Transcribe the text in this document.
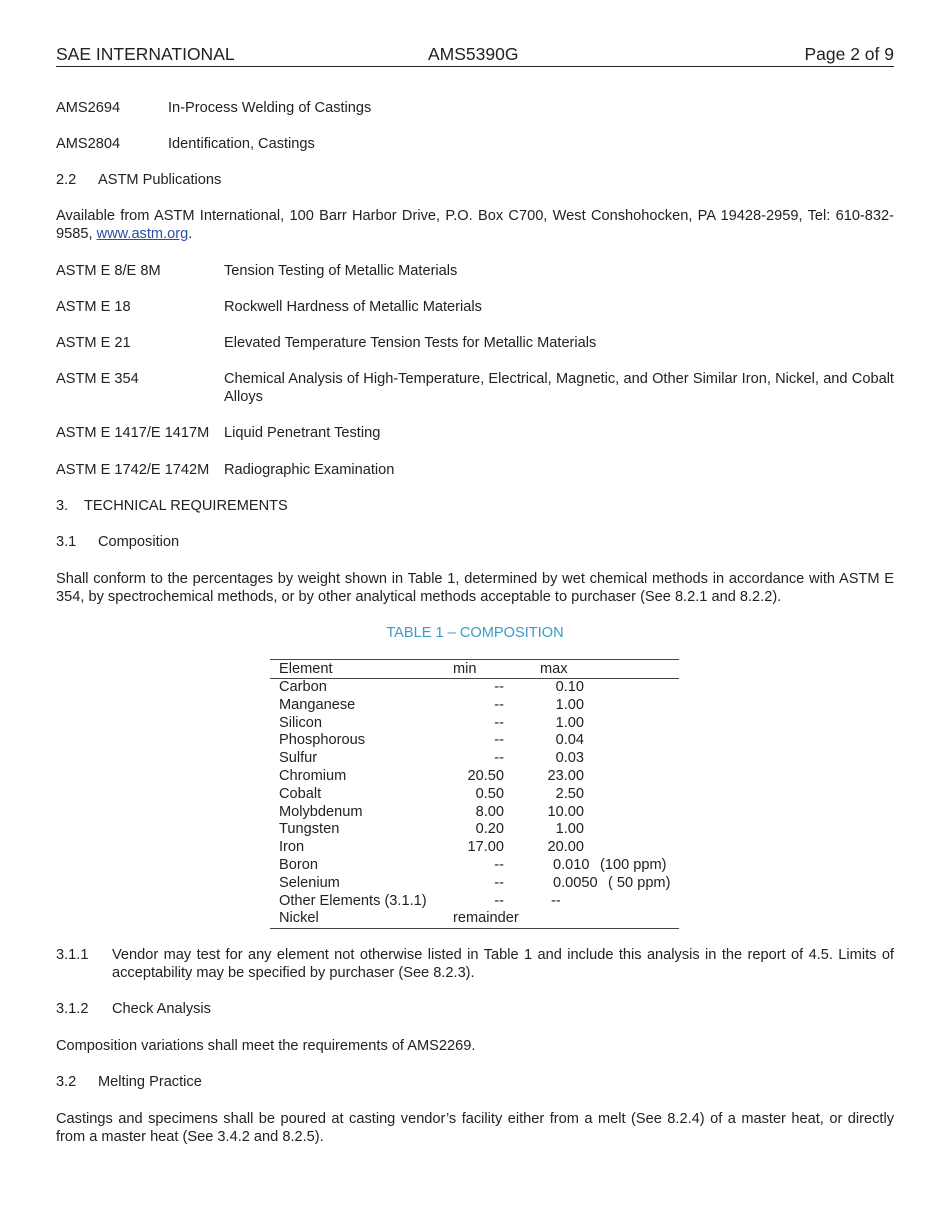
SAE INTERNATIONAL	AMS5390G	Page 2 of 9
AMS2694	In-Process Welding of Castings
AMS2804	Identification, Castings
2.2 ASTM Publications
Available from ASTM International, 100 Barr Harbor Drive, P.O. Box C700, West Conshohocken, PA 19428-2959, Tel: 610-832-9585, www.astm.org.
ASTM E 8/E 8M	Tension Testing of Metallic Materials
ASTM E 18	Rockwell Hardness of Metallic Materials
ASTM E 21	Elevated Temperature Tension Tests for Metallic Materials
ASTM E 354	Chemical Analysis of High-Temperature, Electrical, Magnetic, and Other Similar Iron, Nickel, and Cobalt Alloys
ASTM E 1417/E 1417M Liquid Penetrant Testing
ASTM E 1742/E 1742M Radiographic Examination
3. TECHNICAL REQUIREMENTS
3.1 Composition
Shall conform to the percentages by weight shown in Table 1, determined by wet chemical methods in accordance with ASTM E 354, by spectrochemical methods, or by other analytical methods acceptable to purchaser (See 8.2.1 and 8.2.2).
TABLE 1 – COMPOSITION
Element	min	max
Carbon	--	0.10
Manganese	--	1.00
Silicon	--	1.00
Phosphorous	--	0.04
Sulfur	--	0.03
Chromium	20.50	23.00
Cobalt	0.50	2.50
Molybdenum	8.00	10.00
Tungsten	0.20	1.00
Iron	17.00	20.00
Boron	--	0.010 (100 ppm)
Selenium	--	0.0050 ( 50 ppm)
Other Elements (3.1.1)	--	--
Nickel	remainder
3.1.1 Vendor may test for any element not otherwise listed in Table 1 and include this analysis in the report of 4.5. Limits of acceptability may be specified by purchaser (See 8.2.3).
3.1.2 Check Analysis
Composition variations shall meet the requirements of AMS2269.
3.2 Melting Practice
Castings and specimens shall be poured at casting vendor’s facility either from a melt (See 8.2.4) of a master heat, or directly from a master heat (See 3.4.2 and 8.2.5).
